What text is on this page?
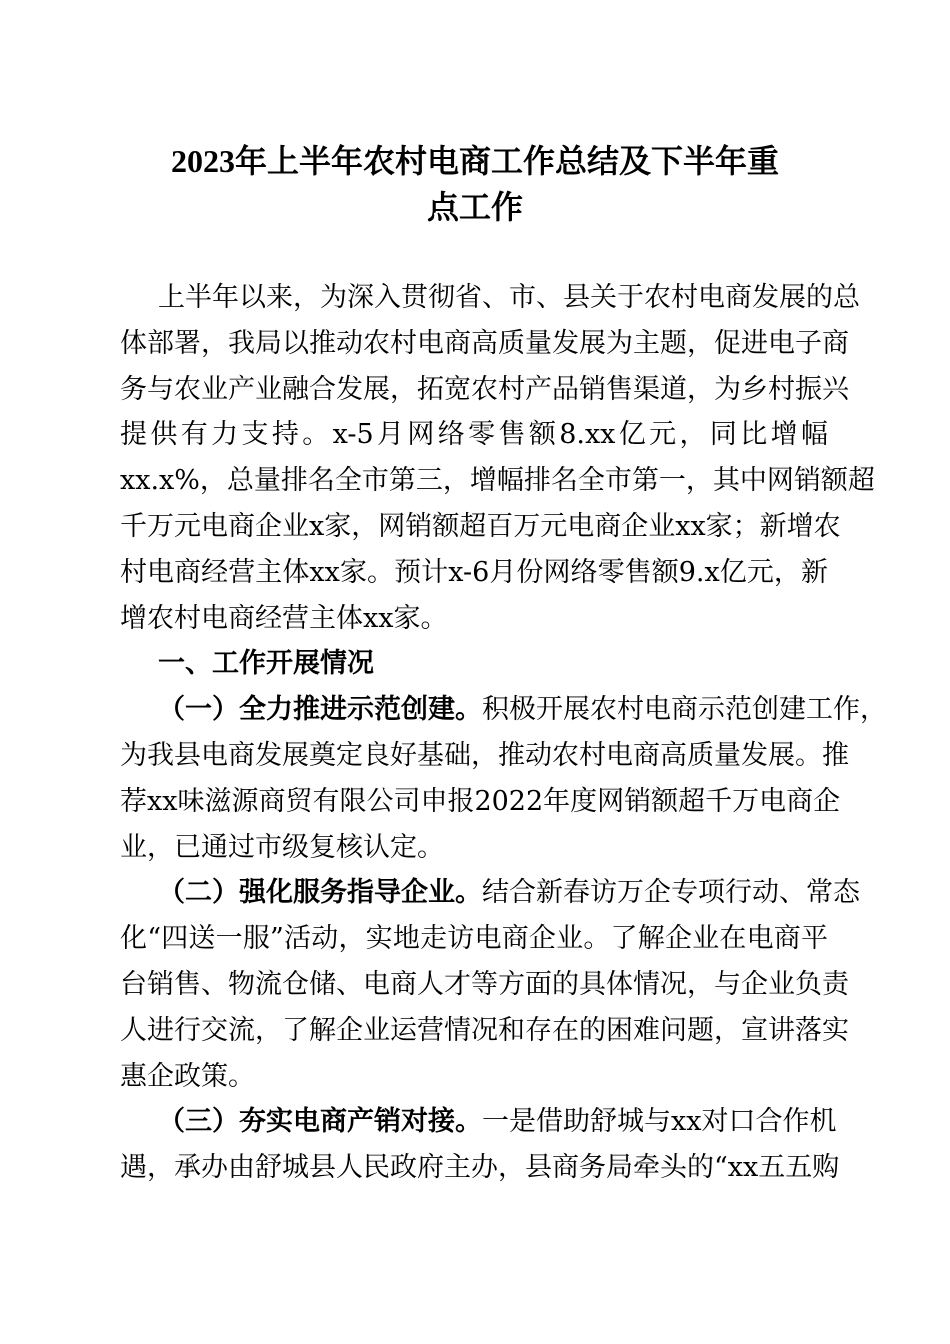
2023年上半年农村电商工作总结及下半年重
点工作
上半年以来，为深入贯彻省、市、县关于农村电商发展的总
体部署，我局以推动农村电商高质量发展为主题，促进电子商
务与农业产业融合发展，拓宽农村产品销售渠道，为乡村振兴
提供有力支持。x-5月网络零售额8.xx亿元，同比增幅
xx.x%，总量排名全市第三，增幅排名全市第一，其中网销额超
千万元电商企业x家，网销额超百万元电商企业xx家；新增农
村电商经营主体xx家。预计x-6月份网络零售额9.x亿元，新
增农村电商经营主体xx家。
一、工作开展情况
（一）全力推进示范创建。积极开展农村电商示范创建工作，
为我县电商发展奠定良好基础，推动农村电商高质量发展。推
荐xx味滋源商贸有限公司申报2022年度网销额超千万电商企
业，已通过市级复核认定。
（二）强化服务指导企业。结合新春访万企专项行动、常态
化“四送一服”活动，实地走访电商企业。了解企业在电商平
台销售、物流仓储、电商人才等方面的具体情况，与企业负责
人进行交流，了解企业运营情况和存在的困难问题，宣讲落实
惠企政策。
（三）夯实电商产销对接。一是借助舒城与xx对口合作机
遇，承办由舒城县人民政府主办，县商务局牵头的“xx五五购
